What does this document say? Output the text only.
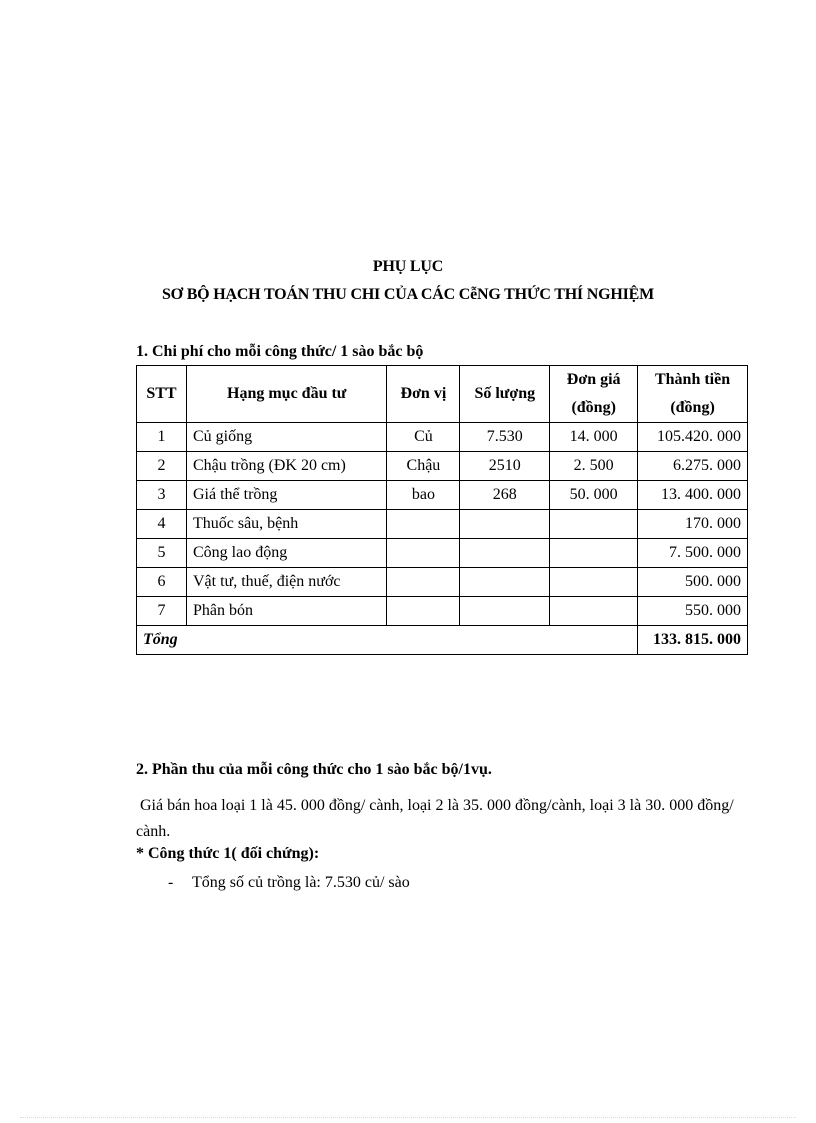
PHỤ LỤC
SƠ BỘ HẠCH TOÁN THU CHI CỦA CÁC CễNG THỨC THÍ NGHIỆM
1. Chi phí cho mỗi công thức/ 1 sào bắc bộ
STT	Hạng mục đầu tư	Đơn vị	Số lượng	Đơn giá (đồng)	Thành tiền (đồng)
1	Củ giống	Củ	7.530	14. 000	105.420. 000
2	Chậu trồng (ĐK 20 cm)	Chậu	2510	2. 500	6.275. 000
3	Giá thể trồng	bao	268	50. 000	13. 400. 000
4	Thuốc sâu, bệnh				170. 000
5	Công lao động				7. 500. 000
6	Vật tư, thuế, điện nước				500. 000
7	Phân bón				550. 000
Tổng					133. 815. 000
2. Phần thu của mỗi công thức cho 1 sào bắc bộ/1vụ.
Giá bán hoa loại 1 là 45. 000 đồng/ cành, loại 2 là 35. 000 đồng/cành, loại 3 là 30. 000 đồng/ cành.
* Công thức 1( đối chứng):
- Tổng số củ trồng là: 7.530 củ/ sào
